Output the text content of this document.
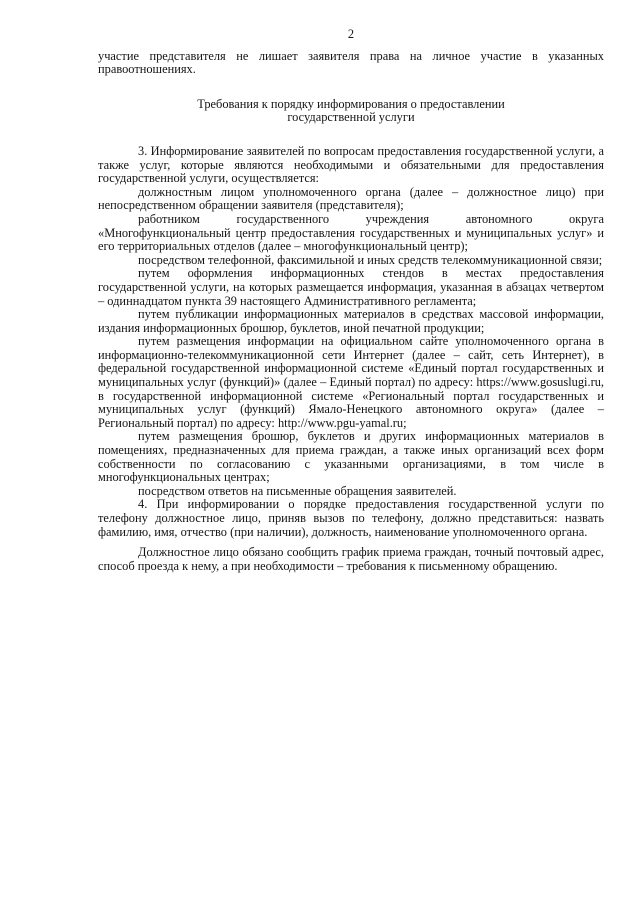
2

участие представителя не лишает заявителя права на личное участие в указанных правоотношениях.

Требования к порядку информирования о предоставлении
государственной услуги

3. Информирование заявителей по вопросам предоставления государственной услуги, а также услуг, которые являются необходимыми и обязательными для предоставления государственной услуги, осуществляется:

должностным лицом уполномоченного органа (далее – должностное лицо) при непосредственном обращении заявителя (представителя);

работником государственного учреждения автономного округа «Многофункциональный центр предоставления государственных и муниципальных услуг» и его территориальных отделов (далее – многофункциональный центр);

посредством телефонной, факсимильной и иных средств телекоммуникационной связи;

путем оформления информационных стендов в местах предоставления государственной услуги, на которых размещается информация, указанная в абзацах четвертом – одиннадцатом пункта 39 настоящего Административного регламента;

путем публикации информационных материалов в средствах массовой информации, издания информационных брошюр, буклетов, иной печатной продукции;

путем размещения информации на официальном сайте уполномоченного органа в информационно-телекоммуникационной сети Интернет (далее – сайт, сеть Интернет), в федеральной государственной информационной системе «Единый портал государственных и муниципальных услуг (функций)» (далее – Единый портал) по адресу: https://www.gosuslugi.ru, в государственной информационной системе «Региональный портал государственных и муниципальных услуг (функций) Ямало-Ненецкого автономного округа» (далее – Региональный портал) по адресу: http://www.pgu-yamal.ru;

путем размещения брошюр, буклетов и других информационных материалов в помещениях, предназначенных для приема граждан, а также иных организаций всех форм собственности по согласованию с указанными организациями, в том числе в многофункциональных центрах;

посредством ответов на письменные обращения заявителей.

4. При информировании о порядке предоставления государственной услуги по телефону должностное лицо, приняв вызов по телефону, должно представиться: назвать фамилию, имя, отчество (при наличии), должность, наименование уполномоченного органа.

Должностное лицо обязано сообщить график приема граждан, точный почтовый адрес, способ проезда к нему, а при необходимости – требования к письменному обращению.
